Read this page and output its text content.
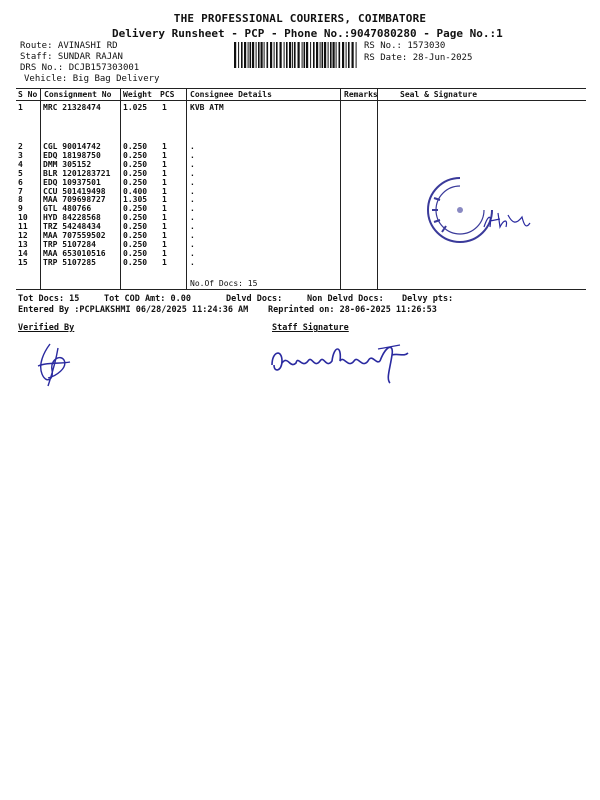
THE PROFESSIONAL COURIERS, COIMBATORE
Delivery Runsheet - PCP - Phone No.:9047080280 - Page No.:1
Route: AVINASHI RD
Staff: SUNDAR RAJAN
DRS No.: DCJB157303001
Vehicle: Big Bag Delivery
RS No.: 1573030
RS Date: 28-Jun-2025
S No Consignment No Weight PCS Consignee Details	Remarks	Seal & Signature
1	MRC 21328474	1.025 1	KVB ATM
2	CGL 90014742	0.250 1	.
3	EDQ 18198750	0.250 1	.
4	DMM 305152	0.250 1	.
5	BLR 1201283721 0.250 1	.
6	EDQ 10937501	0.250 1	.
7	CCU 501419498 0.400 1	.
8	MAA 709698727 1.305 1	.
9	GTL 480766	0.250 1	.
10 HYD 84228568	0.250 1	.
11 TRZ 54248434	0.250 1	.
12 MAA 707559502 0.250 1	.
13 TRP 5107284	0.250 1	.
14 MAA 653010516 0.250 1	.
15 TRP 5107285	0.250 1	.
No.Of Docs: 15
Tot Docs: 15	Tot COD Amt: 0.00	Delvd Docs:	Non Delvd Docs: Delvy pts:
Entered By :PCPLAKSHMI 06/28/2025 11:24:36 AM Reprinted on: 28-06-2025 11:26:53
Verified By	Staff Signature
